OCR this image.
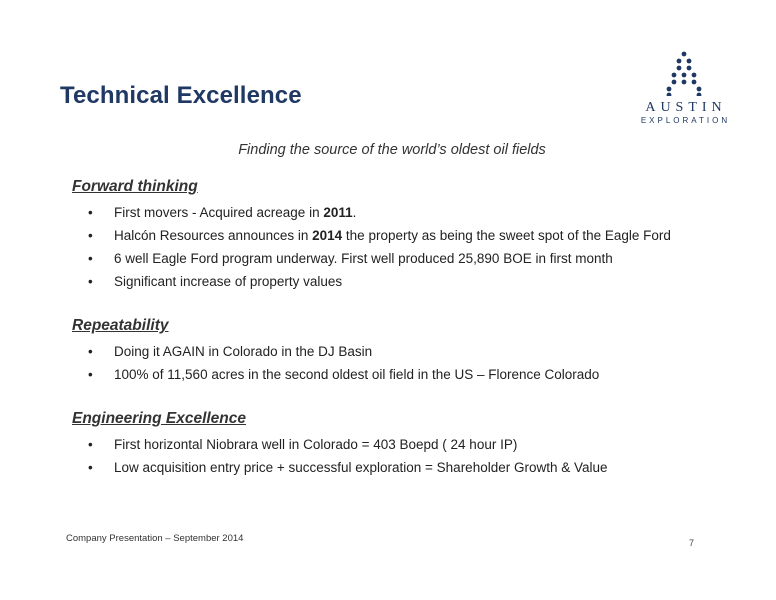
Technical Excellence	AUSTIN
EXPLORATION
Finding the source of the world’s oldest oil fields
Forward thinking
• First movers - Acquired acreage in 2011.
• Halcón Resources announces in 2014 the property as being the sweet spot of the Eagle Ford
• 6 well Eagle Ford program underway. First well produced 25,890 BOE in first month
• Significant increase of property values
Repeatability
• Doing it AGAIN in Colorado in the DJ Basin
• 100% of 11,560 acres in the second oldest oil field in the US – Florence Colorado
Engineering Excellence
• First horizontal Niobrara well in Colorado = 403 Boepd ( 24 hour IP)
• Low acquisition entry price + successful exploration = Shareholder Growth & Value
Company Presentation – September 2014	7
